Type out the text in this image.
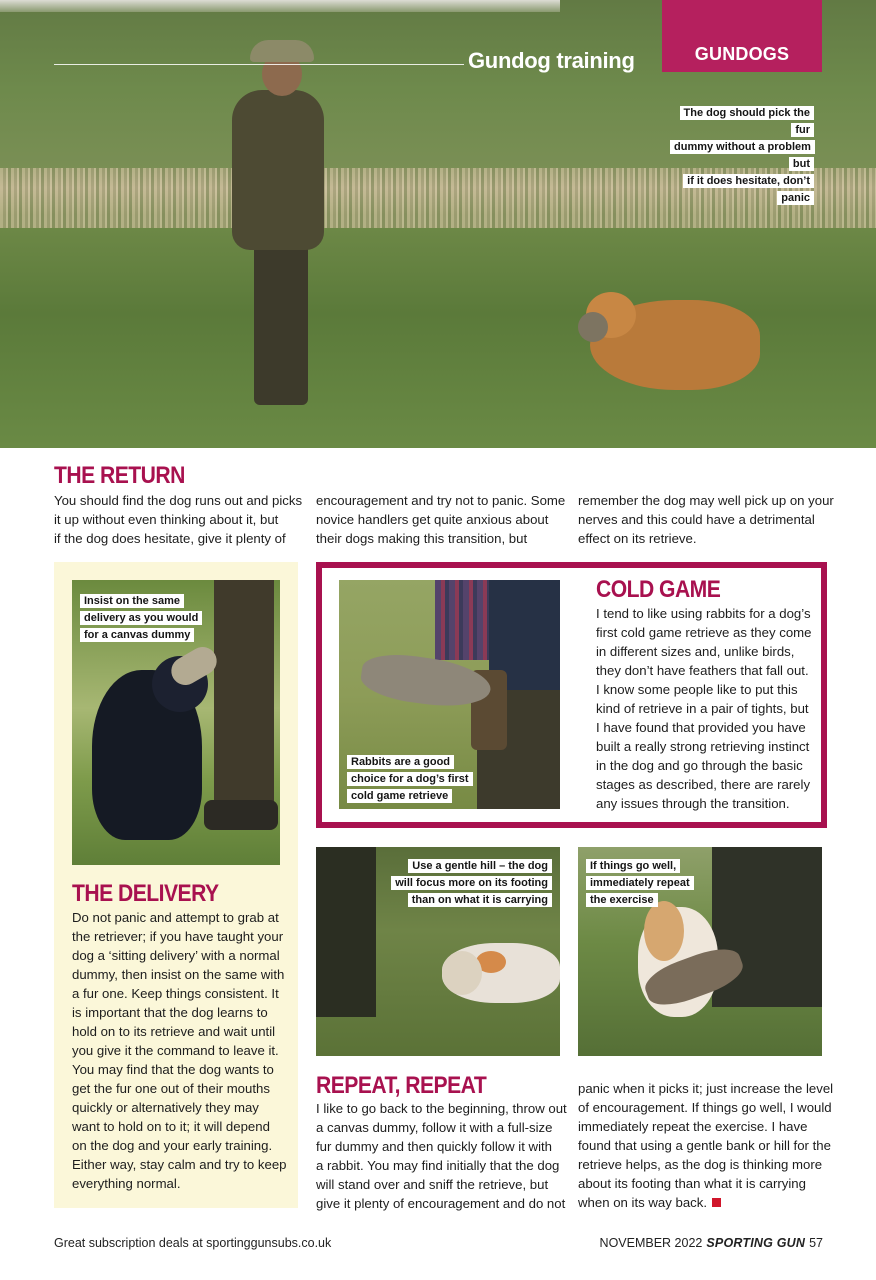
Gundog training	GUNDOGS

The dog should pick the fur

dummy without a problem but

if it does hesitate, don’t panic

THE RETURN

You should find the dog runs out and picks

it up without even thinking about it, but

if the dog does hesitate, give it plenty of

encouragement and try not to panic. Some

novice handlers get quite anxious about

their dogs making this transition, but

remember the dog may well pick up on your

nerves and this could have a detrimental

effect on its retrieve.

Insist on the same

delivery as you would

for a canvas dummy

THE DELIVERY

Do not panic and attempt to grab at

the retriever; if you have taught your

dog a ‘sitting delivery’ with a normal

dummy, then insist on the same with

a fur one. Keep things consistent. It

is important that the dog learns to

hold on to its retrieve and wait until

you give it the command to leave it.

You may find that the dog wants to

get the fur one out of their mouths

quickly or alternatively they may

want to hold on to it; it will depend

on the dog and your early training.

Either way, stay calm and try to keep

everything normal.

Rabbits are a good

choice for a dog’s first

cold game retrieve

COLD GAME

I tend to like using rabbits for a dog’s

first cold game retrieve as they come

in different sizes and, unlike birds,

they don’t have feathers that fall out.

I know some people like to put this

kind of retrieve in a pair of tights, but

I have found that provided you have

built a really strong retrieving instinct

in the dog and go through the basic

stages as described, there are rarely

any issues through the transition.

Use a gentle hill – the dog

will focus more on its footing

than on what it is carrying

If things go well,

immediately repeat

the exercise

REPEAT, REPEAT

I like to go back to the beginning, throw out

a canvas dummy, follow it with a full-size

fur dummy and then quickly follow it with

a rabbit. You may find initially that the dog

will stand over and sniff the retrieve, but

give it plenty of encouragement and do not

panic when it picks it; just increase the level

of encouragement. If things go well, I would

immediately repeat the exercise. I have

found that using a gentle bank or hill for the

retrieve helps, as the dog is thinking more

about its footing than what it is carrying

when on its way back.

Great subscription deals at sportinggunsubs.co.uk	NOVEMBER 2022 SPORTING GUN 57
